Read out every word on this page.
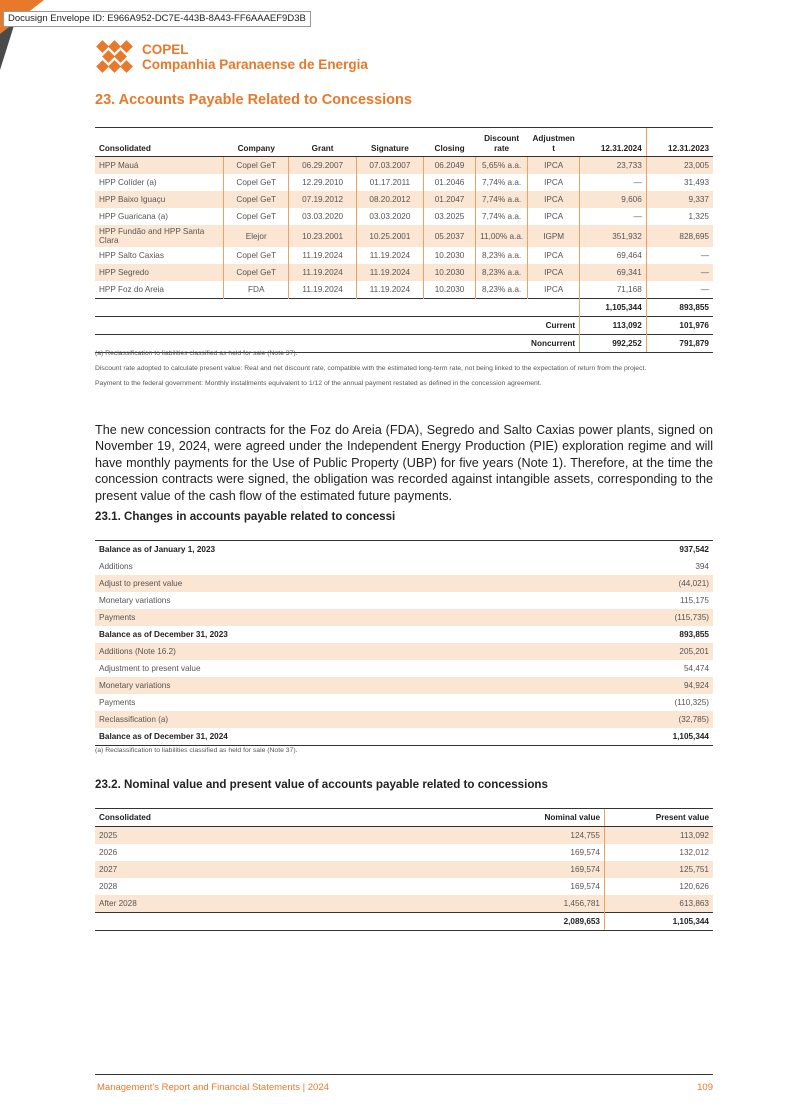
Docusign Envelope ID: E966A952-DC7E-443B-8A43-FF6AAAEF9D3B
COPEL
Companhia Paranaense de Energia
23. Accounts Payable Related to Concessions
Consolidated	Company	Grant	Signature	Closing	Discount rate	Adjustment	12.31.2024	12.31.2023
HPP Mauá	Copel GeT	06.29.2007	07.03.2007	06.2049	5,65% a.a.	IPCA	23,733	23,005
HPP Colíder (a)	Copel GeT	12.29.2010	01.17.2011	01.2046	7,74% a.a.	IPCA	—	31,493
HPP Baixo Iguaçu	Copel GeT	07.19.2012	08.20.2012	01.2047	7,74% a.a.	IPCA	9,606	9,337
HPP Guaricana (a)	Copel GeT	03.03.2020	03.03.2020	03.2025	7,74% a.a.	IPCA	—	1,325
HPP Fundão and HPP Santa Clara	Elejor	10.23.2001	10.25.2001	05.2037	11,00% a.a.	IGPM	351,932	828,695
HPP Salto Caxias	Copel GeT	11.19.2024	11.19.2024	10.2030	8,23% a.a.	IPCA	69,464	—
HPP Segredo	Copel GeT	11.19.2024	11.19.2024	10.2030	8,23% a.a.	IPCA	69,341	—
HPP Foz do Areia	FDA	11.19.2024	11.19.2024	10.2030	8,23% a.a.	IPCA	71,168	—
							1,105,344	893,855
Current							113,092	101,976
Noncurrent							992,252	791,879

(a) Reclassification to liabilities classified as held for sale (Note 37).

Discount rate adopted to calculate present value: Real and net discount rate, compatible with the estimated long-term rate, not being linked to the expectation of return from the project.

Payment to the federal government: Monthly installments equivalent to 1/12 of the annual payment restated as defined in the concession agreement.

The new concession contracts for the Foz do Areia (FDA), Segredo and Salto Caxias power plants, signed on November 19, 2024, were agreed under the Independent Energy Production (PIE) exploration regime and will have monthly payments for the Use of Public Property (UBP) for five years (Note 1). Therefore, at the time the concession contracts were signed, the obligation was recorded against intangible assets, corresponding to the present value of the cash flow of the estimated future payments.

23.1. Changes in accounts payable related to concessi
Balance as of January 1, 2023	937,542
Additions	394
Adjust to present value	(44,021)
Monetary variations	115,175
Payments	(115,735)
Balance as of December 31, 2023	893,855
Additions (Note 16.2)	205,201
Adjustment to present value	54,474
Monetary variations	94,924
Payments	(110,325)
Reclassification (a)	(32,785)
Balance as of December 31, 2024	1,105,344

(a) Reclassification to liabilities classified as held for sale (Note 37).

23.2. Nominal value and present value of accounts payable related to concessions
Consolidated	Nominal value	Present value
2025	124,755	113,092
2026	169,574	132,012
2027	169,574	125,751
2028	169,574	120,626
After 2028	1,456,781	613,863
	2,089,653	1,105,344
Management's Report and Financial Statements | 2024	109
